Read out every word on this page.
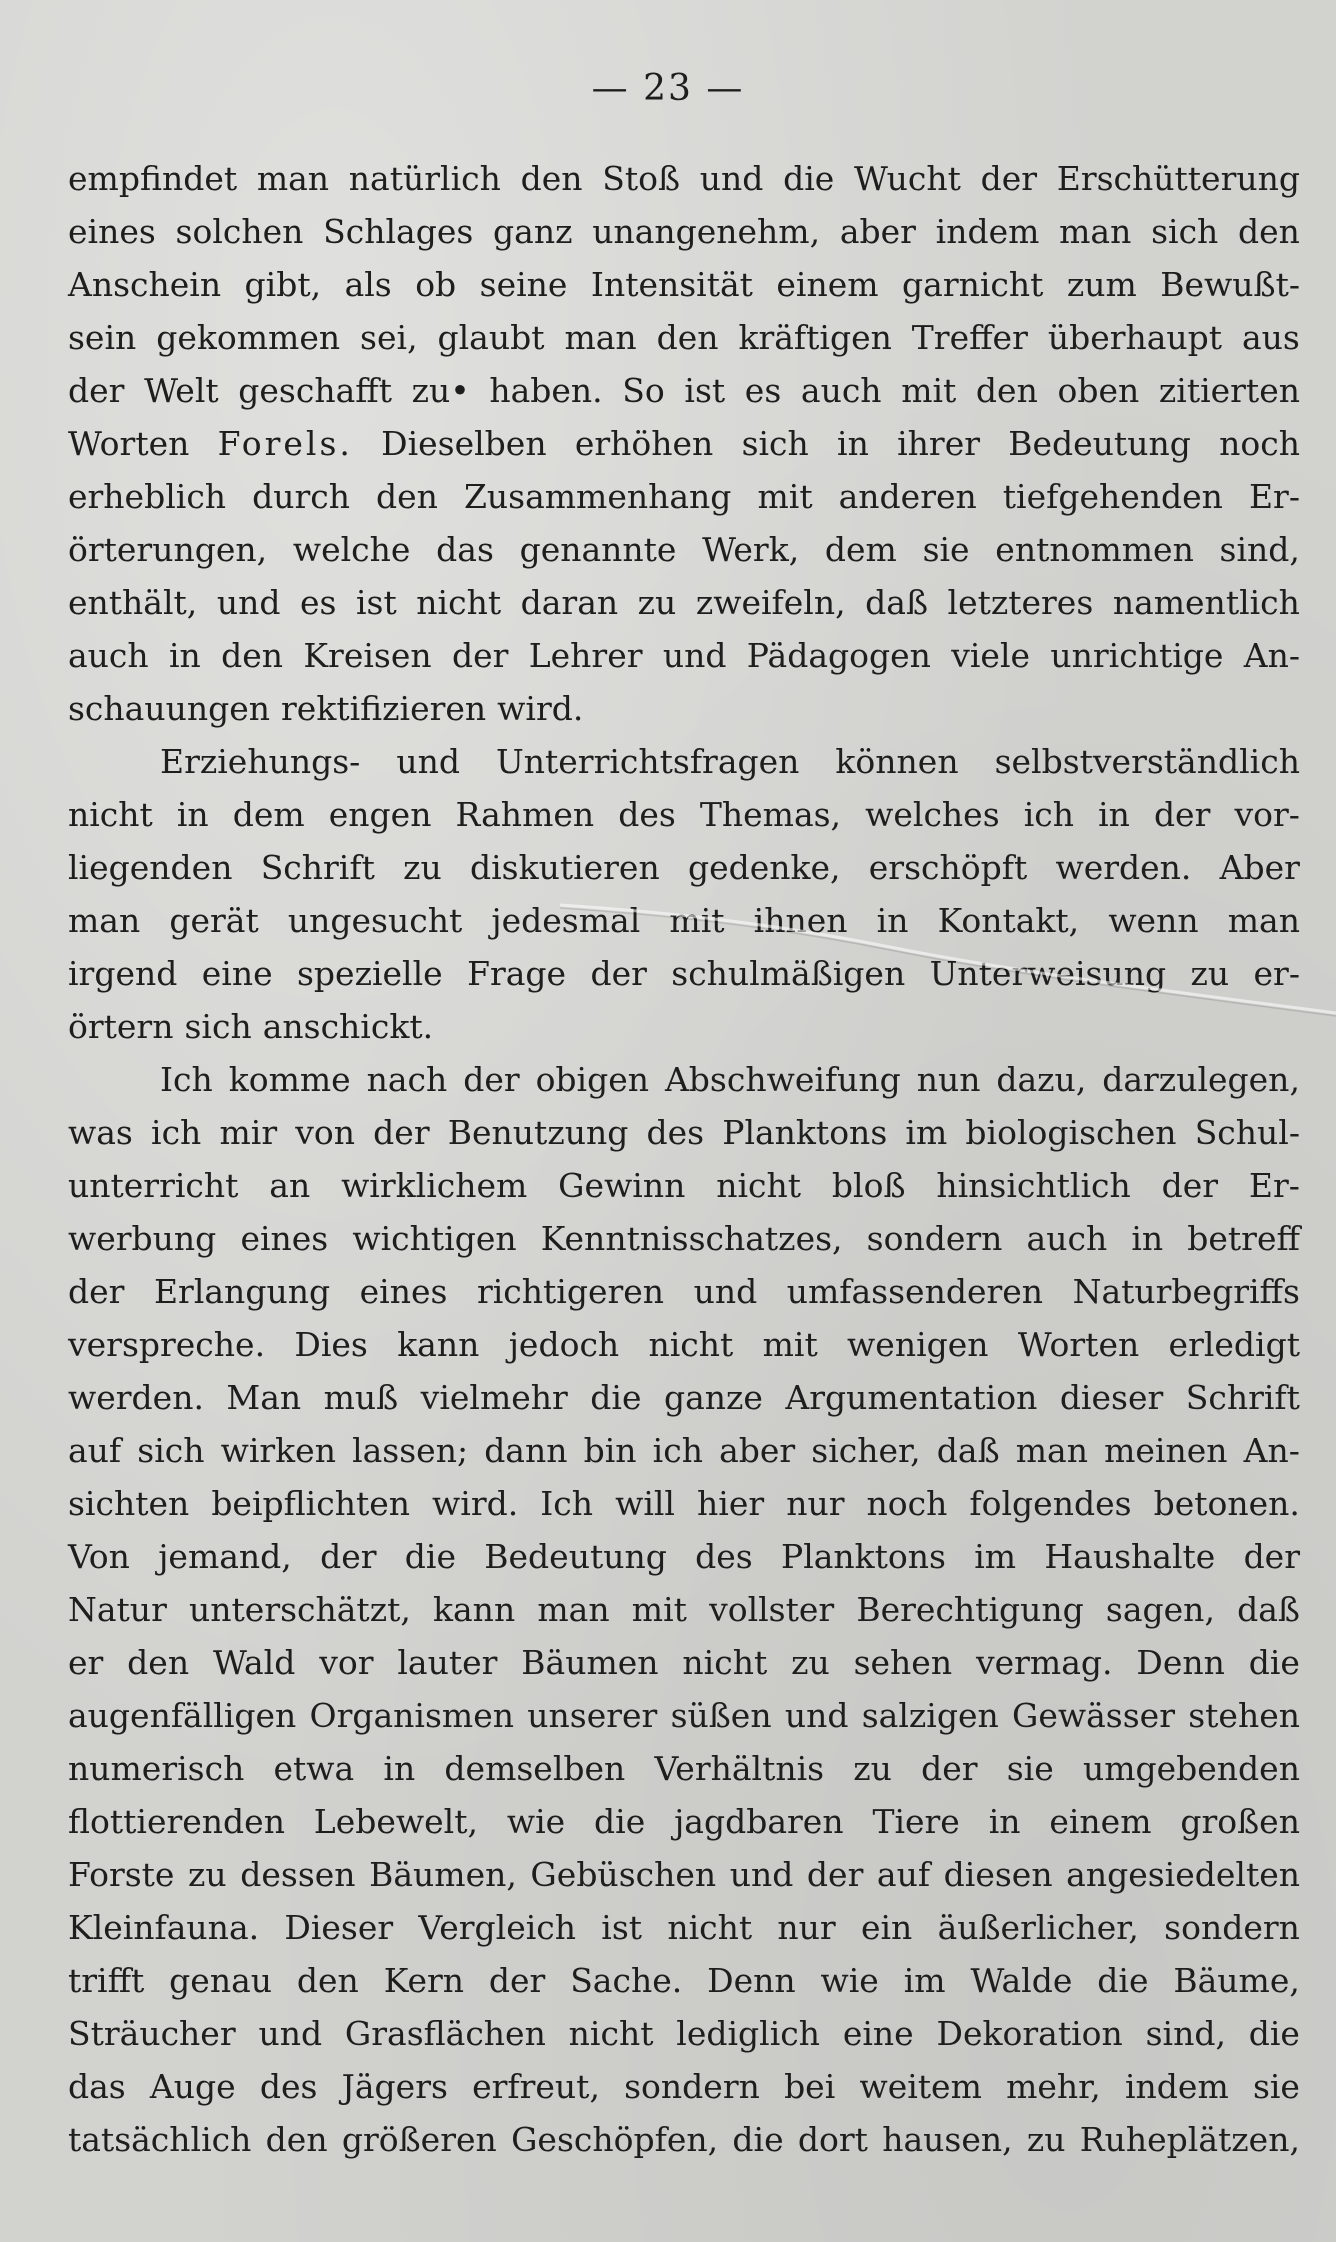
— 23 —
empfindet man natürlich den Stoß und die Wucht der Erschütterung
eines solchen Schlages ganz unangenehm, aber indem man sich den
Anschein gibt, als ob seine Intensität einem garnicht zum Bewußt-
sein gekommen sei, glaubt man den kräftigen Treffer überhaupt aus
der Welt geschafft zu• haben. So ist es auch mit den oben zitierten
Worten Forels. Dieselben erhöhen sich in ihrer Bedeutung noch
erheblich durch den Zusammenhang mit anderen tiefgehenden Er-
örterungen, welche das genannte Werk, dem sie entnommen sind,
enthält, und es ist nicht daran zu zweifeln, daß letzteres namentlich
auch in den Kreisen der Lehrer und Pädagogen viele unrichtige An-
schauungen rektifizieren wird.
Erziehungs- und Unterrichtsfragen können selbstverständlich
nicht in dem engen Rahmen des Themas, welches ich in der vor-
liegenden Schrift zu diskutieren gedenke, erschöpft werden. Aber
man gerät ungesucht jedesmal mit ihnen in Kontakt, wenn man
irgend eine spezielle Frage der schulmäßigen Unterweisung zu er-
örtern sich anschickt.
Ich komme nach der obigen Abschweifung nun dazu, darzulegen,
was ich mir von der Benutzung des Planktons im biologischen Schul-
unterricht an wirklichem Gewinn nicht bloß hinsichtlich der Er-
werbung eines wichtigen Kenntnisschatzes, sondern auch in betreff
der Erlangung eines richtigeren und umfassenderen Naturbegriffs
verspreche. Dies kann jedoch nicht mit wenigen Worten erledigt
werden. Man muß vielmehr die ganze Argumentation dieser Schrift
auf sich wirken lassen; dann bin ich aber sicher, daß man meinen An-
sichten beipflichten wird. Ich will hier nur noch folgendes betonen.
Von jemand, der die Bedeutung des Planktons im Haushalte der
Natur unterschätzt, kann man mit vollster Berechtigung sagen, daß
er den Wald vor lauter Bäumen nicht zu sehen vermag. Denn die
augenfälligen Organismen unserer süßen und salzigen Gewässer stehen
numerisch etwa in demselben Verhältnis zu der sie umgebenden
flottierenden Lebewelt, wie die jagdbaren Tiere in einem großen
Forste zu dessen Bäumen, Gebüschen und der auf diesen angesiedelten
Kleinfauna. Dieser Vergleich ist nicht nur ein äußerlicher, sondern
trifft genau den Kern der Sache. Denn wie im Walde die Bäume,
Sträucher und Grasflächen nicht lediglich eine Dekoration sind, die
das Auge des Jägers erfreut, sondern bei weitem mehr, indem sie
tatsächlich den größeren Geschöpfen, die dort hausen, zu Ruheplätzen,
